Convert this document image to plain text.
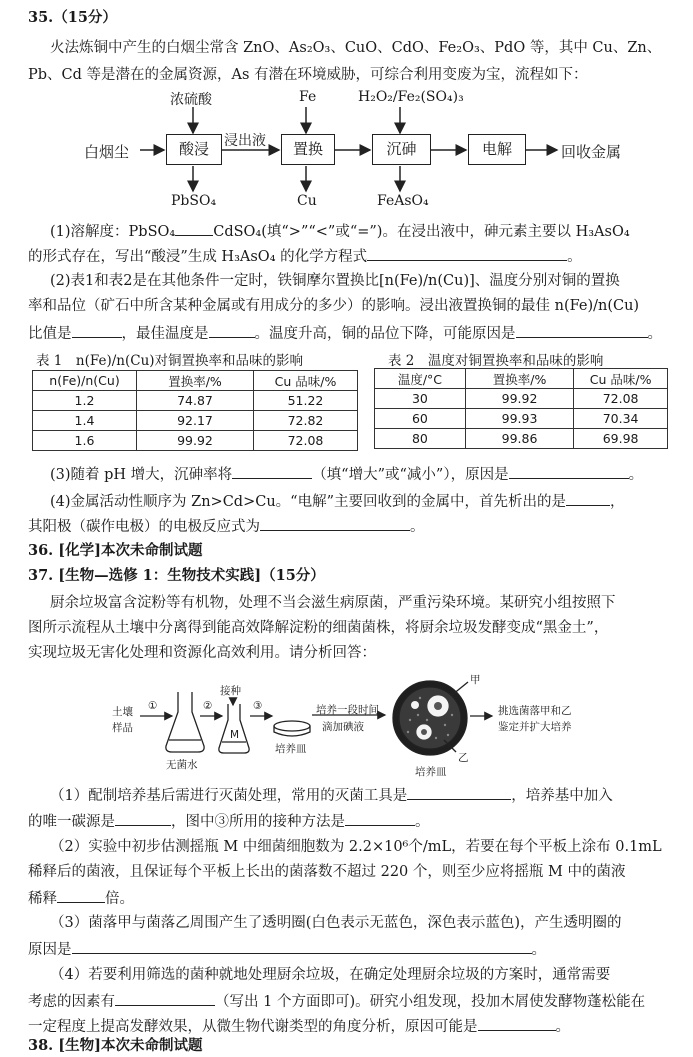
35.（15分）
火法炼铜中产生的白烟尘常含 ZnO、As₂O₃、CuO、CdO、Fe₂O₃、PdO 等，其中 Cu、Zn、
Pb、Cd 等是潜在的金属资源，As 有潜在环境威胁，可综合利用变废为宝，流程如下：
白烟尘	酸浸	置换	沉砷	电解	回收金属
浸出液
浓硫酸	Fe	H₂O₂/Fe₂(SO₄)₃
PbSO₄	Cu	FeAsO₄
(1)溶解度：PbSO₄	CdSO₄(填“>”“<”或“=”)。在浸出液中，砷元素主要以 H₃AsO₄
的形式存在，写出“酸浸”生成 H₃AsO₄ 的化学方程式	。
(2)表1和表2是在其他条件一定时，铁铜摩尔置换比[n(Fe)/n(Cu)]、温度分别对铜的置换
率和品位（矿石中所含某种金属或有用成分的多少）的影响。浸出液置换铜的最佳 n(Fe)/n(Cu)
比值是	，最佳温度是	。温度升高，铜的品位下降，可能原因是	。
表 1　n(Fe)/n(Cu)对铜置换率和品味的影响
n(Fe)/n(Cu)	置换率/%	Cu 品味/%
1.2	74.87	51.22
1.4	92.17	72.82
1.6	99.92	72.08
表 2　温度对铜置换率和品味的影响
温度/°C	置换率/%	Cu 品味/%
30	99.92	72.08
60	99.93	70.34
80	99.86	69.98
(3)随着 pH 增大，沉砷率将	（填“增大”或“减小”），原因是	。
(4)金属活动性顺序为 Zn>Cd>Cu。“电解”主要回收到的金属中，首先析出的是	，
其阳极（碳作电极）的电极反应式为	。
36. [化学]本次未命制试题
37. [生物—选修 1：生物技术实践]（15分）
厨余垃圾富含淀粉等有机物，处理不当会滋生病原菌，严重污染环境。某研究小组按照下
图所示流程从土壤中分离得到能高效降解淀粉的细菌菌株，将厨余垃圾发酵变成“黑金土”，
实现垃圾无害化处理和资源化高效利用。请分析回答：
土壤
样品
①	②	③
接种
M
无菌水
培养皿
培养一段时间
滴加碘液
培养皿
甲
乙
挑选菌落甲和乙
鉴定并扩大培养
（1）配制培养基后需进行灭菌处理，常用的灭菌工具是	，培养基中加入
的唯一碳源是	，图中③所用的接种方法是	。
（2）实验中初步估测摇瓶 M 中细菌细胞数为 2.2×10⁶个/mL，若要在每个平板上涂布 0.1mL
稀释后的菌液，且保证每个平板上长出的菌落数不超过 220 个，则至少应将摇瓶 M 中的菌液
稀释	倍。
（3）菌落甲与菌落乙周围产生了透明圈(白色表示无蓝色，深色表示蓝色)，产生透明圈的
原因是	。
（4）若要利用筛选的菌种就地处理厨余垃圾，在确定处理厨余垃圾的方案时，通常需要
考虑的因素有	（写出 1 个方面即可)。研究小组发现，投加木屑使发酵物蓬松能在
一定程度上提高发酵效果，从微生物代谢类型的角度分析，原因可能是	。
38. [生物]本次未命制试题
